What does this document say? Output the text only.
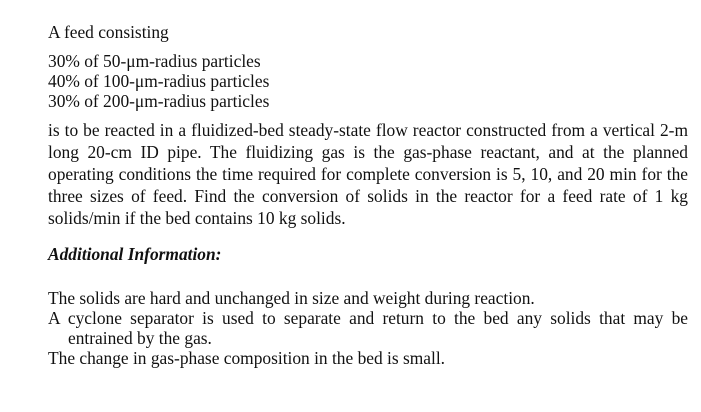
A feed consisting

30% of 50-μm-radius particles
40% of 100-μm-radius particles
30% of 200-μm-radius particles

is to be reacted in a fluidized-bed steady-state flow reactor constructed from a vertical 2-m long 20-cm ID pipe. The fluidizing gas is the gas-phase reactant, and at the planned operating conditions the time required for complete conversion is 5, 10, and 20 min for the three sizes of feed. Find the conversion of solids in the reactor for a feed rate of 1 kg solids/min if the bed contains 10 kg solids.

Additional Information:

The solids are hard and unchanged in size and weight during reaction.

A cyclone separator is used to separate and return to the bed any solids that may be entrained by the gas.

The change in gas-phase composition in the bed is small.
